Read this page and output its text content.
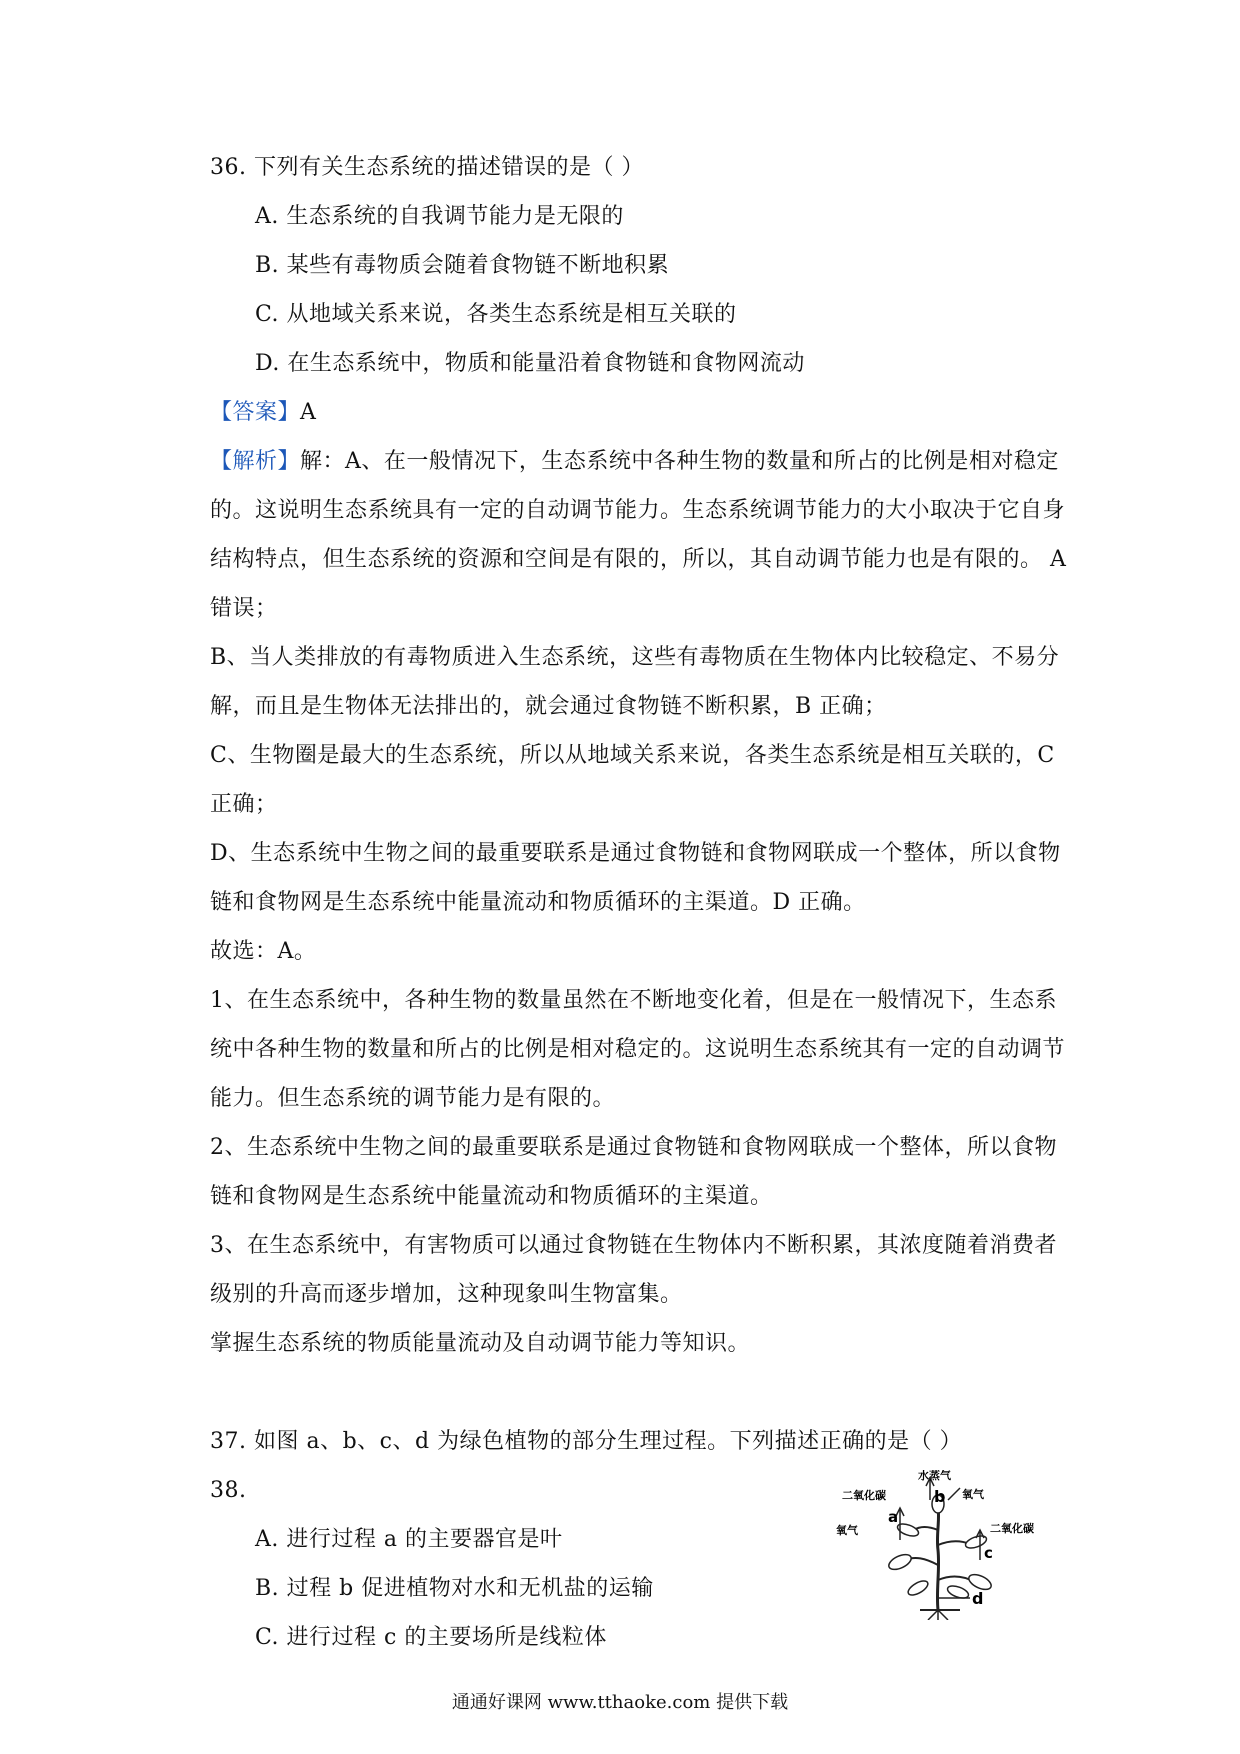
36. 下列有关生态系统的描述错误的是（ ）
A. 生态系统的自我调节能力是无限的
B. 某些有毒物质会随着食物链不断地积累
C. 从地域关系来说，各类生态系统是相互关联的
D. 在生态系统中，物质和能量沿着食物链和食物网流动
【答案】A
【解析】解：A、在一般情况下，生态系统中各种生物的数量和所占的比例是相对稳定
的。这说明生态系统具有一定的自动调节能力。生态系统调节能力的大小取决于它自身
结构特点，但生态系统的资源和空间是有限的，所以，其自动调节能力也是有限的。 A
错误；
B、当人类排放的有毒物质进入生态系统，这些有毒物质在生物体内比较稳定、不易分
解，而且是生物体无法排出的，就会通过食物链不断积累，B 正确；
C、生物圈是最大的生态系统，所以从地域关系来说，各类生态系统是相互关联的，C
正确；
D、生态系统中生物之间的最重要联系是通过食物链和食物网联成一个整体，所以食物
链和食物网是生态系统中能量流动和物质循环的主渠道。D 正确。
故选：A。
1、在生态系统中，各种生物的数量虽然在不断地变化着，但是在一般情况下，生态系
统中各种生物的数量和所占的比例是相对稳定的。这说明生态系统其有一定的自动调节
能力。但生态系统的调节能力是有限的。
2、生态系统中生物之间的最重要联系是通过食物链和食物网联成一个整体，所以食物
链和食物网是生态系统中能量流动和物质循环的主渠道。
3、在生态系统中，有害物质可以通过食物链在生物体内不断积累，其浓度随着消费者
级别的升高而逐步增加，这种现象叫生物富集。
掌握生态系统的物质能量流动及自动调节能力等知识。
37. 如图 a、b、c、d 为绿色植物的部分生理过程。下列描述正确的是（ ）
38.
A. 进行过程 a 的主要器官是叶
B. 过程 b 促进植物对水和无机盐的运输
C. 进行过程 c 的主要场所是线粒体
水蒸气
二氧化碳	氧气
氧气	二氧化碳
a
b
c
d
通通好课网 www.tthaoke.com 提供下载
